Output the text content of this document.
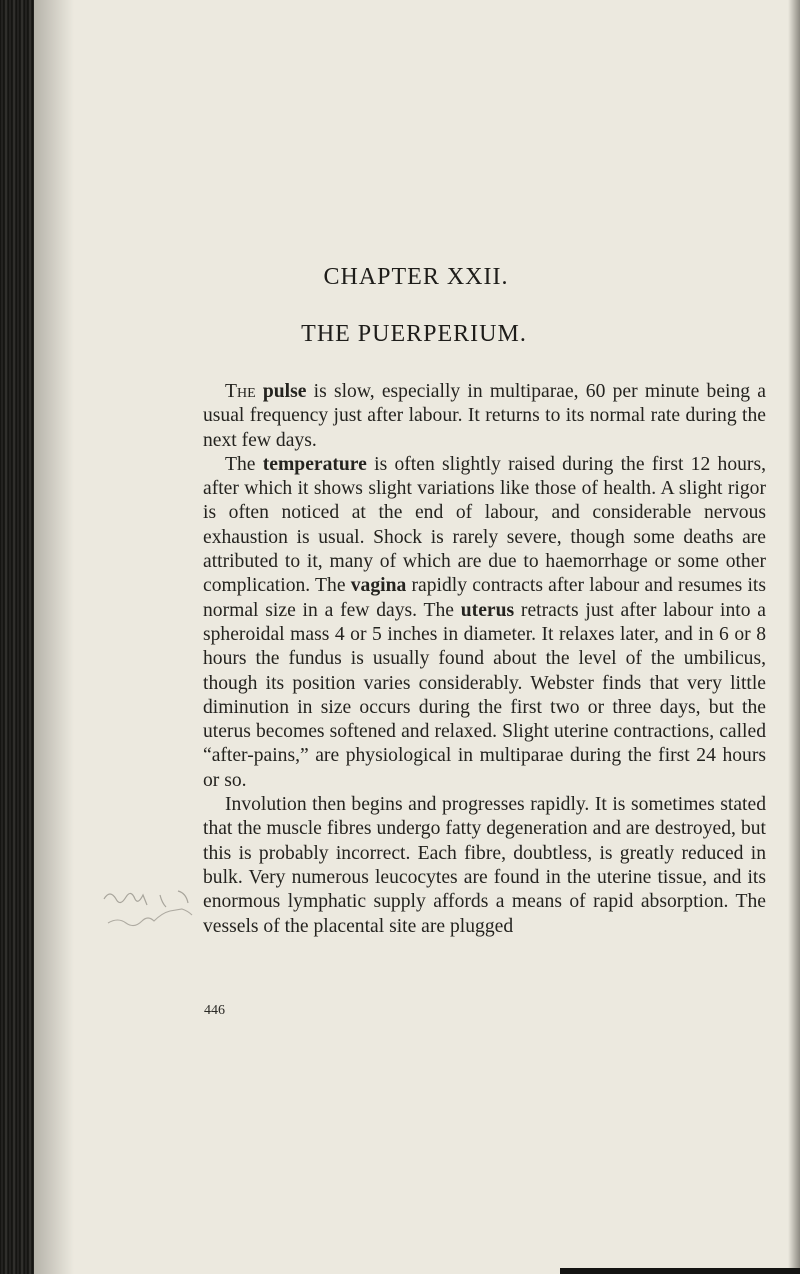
CHAPTER XXII.
THE PUERPERIUM.

The pulse is slow, especially in multiparae, 60 per minute being a usual frequency just after labour. It returns to its normal rate during the next few days.

The temperature is often slightly raised during the first 12 hours, after which it shows slight variations like those of health. A slight rigor is often noticed at the end of labour, and considerable nervous exhaustion is usual. Shock is rarely severe, though some deaths are attributed to it, many of which are due to haemorrhage or some other complication. The vagina rapidly contracts after labour and resumes its normal size in a few days. The uterus retracts just after labour into a spheroidal mass 4 or 5 inches in diameter. It relaxes later, and in 6 or 8 hours the fundus is usually found about the level of the umbilicus, though its position varies considerably. Webster finds that very little diminution in size occurs during the first two or three days, but the uterus becomes softened and relaxed. Slight uterine contractions, called “after-pains,” are physiological in multiparae during the first 24 hours or so.

Involution then begins and progresses rapidly. It is sometimes stated that the muscle fibres undergo fatty degeneration and are destroyed, but this is probably incorrect. Each fibre, doubtless, is greatly reduced in bulk. Very numerous leucocytes are found in the uterine tissue, and its enormous lymphatic supply affords a means of rapid absorption. The vessels of the placental site are plugged

446
